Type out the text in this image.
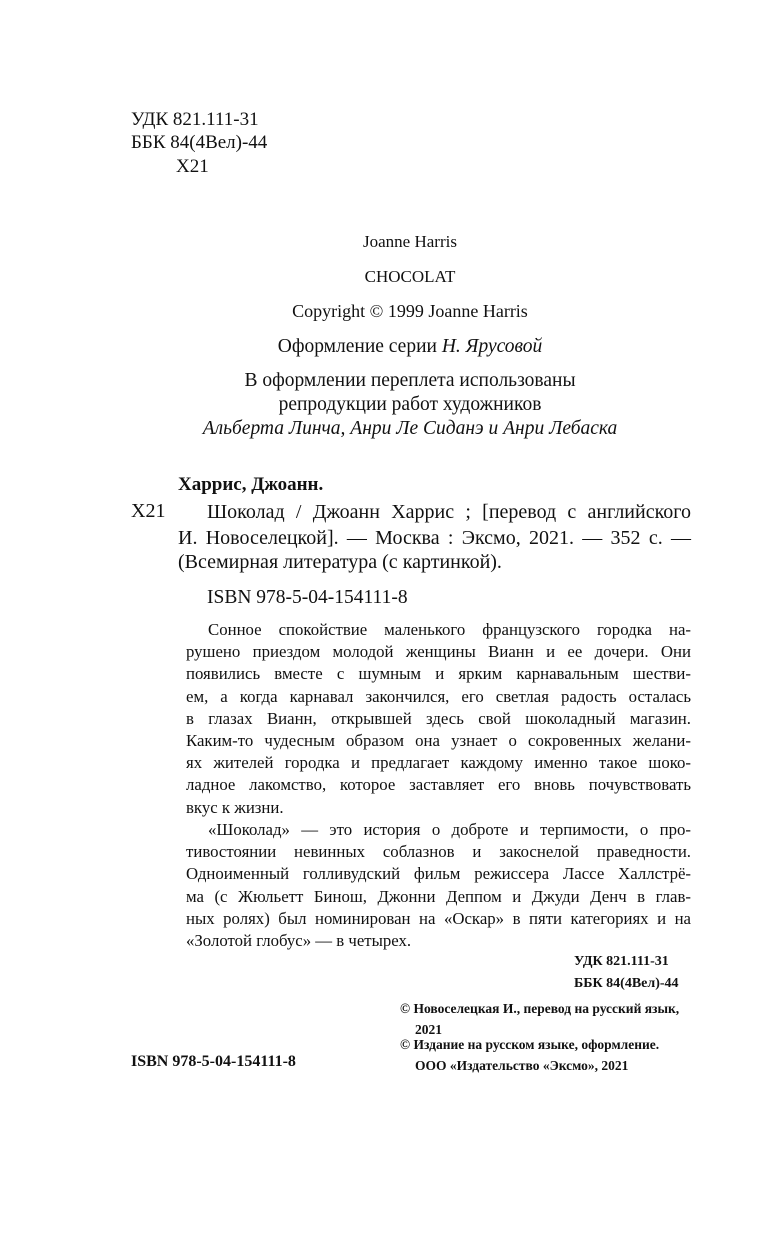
УДК 821.111-31
ББК 84(4Вел)-44
Х21
Joanne Harris
CHOCOLAT
Copyright © 1999 Joanne Harris
Оформление серии Н. Ярусовой
В оформлении переплета использованы
репродукции работ художников
Альберта Линча, Анри Ле Сиданэ и Анри Лебаска
Харрис, Джоанн.
Х21 Шоколад / Джоанн Харрис ; [перевод с английского
И. Новоселецкой]. — Москва : Эксмо, 2021. — 352 с. —
(Всемирная литература (с картинкой).
ISBN 978-5-04-154111-8
Сонное спокойствие маленького французского городка на-
рушено приездом молодой женщины Вианн и ее дочери. Они
появились вместе с шумным и ярким карнавальным шестви-
ем, а когда карнавал закончился, его светлая радость осталась
в глазах Вианн, открывшей здесь свой шоколадный магазин.
Каким-то чудесным образом она узнает о сокровенных желани-
ях жителей городка и предлагает каждому именно такое шоко-
ладное лакомство, которое заставляет его вновь почувствовать
вкус к жизни.
«Шоколад» — это история о доброте и терпимости, о про-
тивостоянии невинных соблазнов и закоснелой праведности.
Одноименный голливудский фильм режиссера Лассе Халлстрё-
ма (с Жюльетт Бинош, Джонни Деппом и Джуди Денч в глав-
ных ролях) был номинирован на «Оскар» в пяти категориях и на
«Золотой глобус» — в четырех.
УДК 821.111-31
ББК 84(4Вел)-44
© Новоселецкая И., перевод на русский язык,
2021
© Издание на русском языке, оформление.
ООО «Издательство «Эксмо», 2021
ISBN 978-5-04-154111-8
